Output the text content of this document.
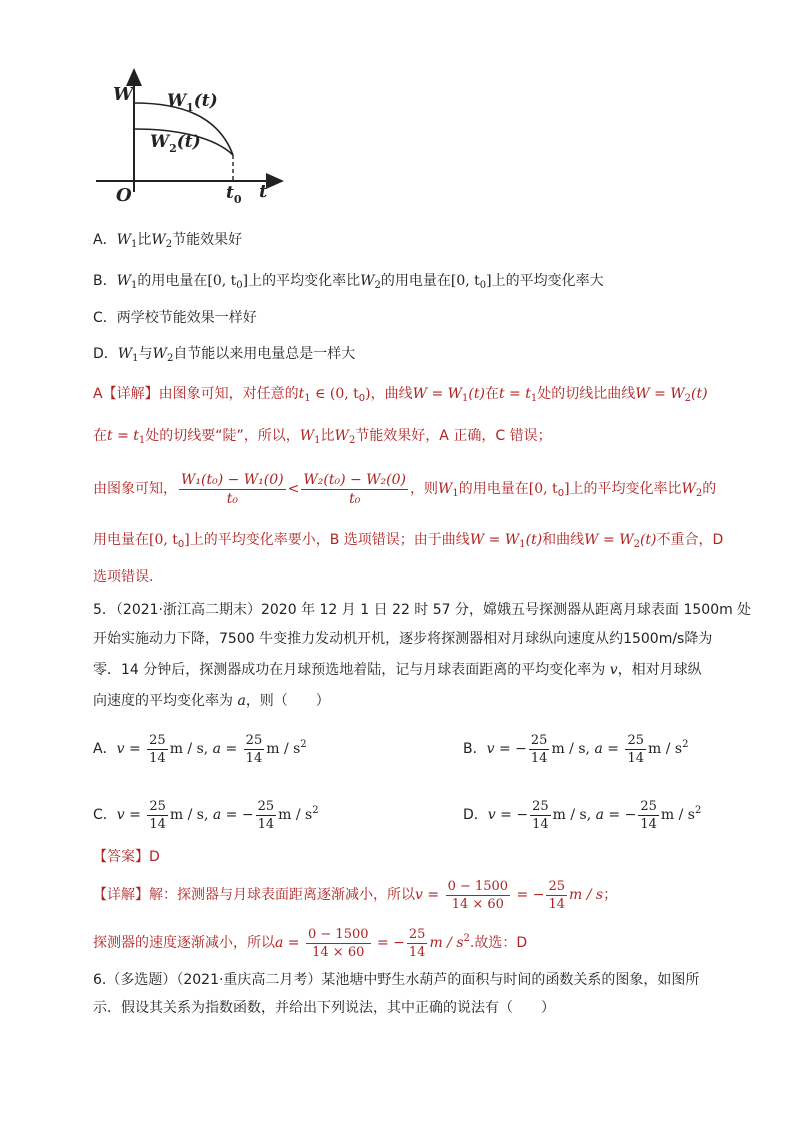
W
O	t
$t_0$
$W_1(t)$
$W_2(t)$
A．$W_1$比$W_2$节能效果好
B．$W_1$的用电量在[0, $t_0$]上的平均变化率比$W_2$的用电量在[0, $t_0$]上的平均变化率大
C．两学校节能效果一样好
D．$W_1$与$W_2$自节能以来用电量总是一样大
A【详解】由图象可知，对任意的$t_1$ ∈ (0, $t_0$)，曲线$W = W_1(t)$在$t = t_1$处的切线比曲线$W = W_2(t)$
在$t = t_1$处的切线要“陡”，所以，$W_1$比$W_2$节能效果好，A 正确，C 错误；
由图象可知， $\frac{\text{W₁(t₀) − W₁(0)}}{\text{t₀}} < \frac{\text{W₂(t₀) − W₂(0)}}{\text{t₀}}$ ，则$W_1$的用电量在[0, $t_0$]上的平均变化率比$W_2$的
用电量在[0, $t_0$]上的平均变化率要小，B 选项错误；由于曲线$W = W_1(t)$和曲线$W = W_2(t)$不重合，D
选项错误.
5．（2021·浙江高二期末）2020 年 12 月 1 日 22 时 57 分，嫦娥五号探测器从距离月球表面 1500m 处
开始实施动力下降，7500 牛变推力发动机开机，逐步将探测器相对月球纵向速度从约1500m/s降为
零．14 分钟后，探测器成功在月球预选地着陆，记与月球表面距离的平均变化率为 v，相对月球纵
向速度的平均变化率为 a，则（　　）
A．$v = \frac{25}{14}$ m / s, $a = \frac{25}{14}$ m / $s^2$	B．v = − $\frac{25}{14}$ m / s, $a = \frac{25}{14}$ m / $s^2$
C．$v = \frac{25}{14}$ m / s, a = − $\frac{25}{14}$ m / $s^2$	D．v = − $\frac{25}{14}$ m / s, a = − $\frac{25}{14}$ m / $s^2$
【答案】D
【详解】解：探测器与月球表面距离逐渐减小，所以$v = \frac{0 - 1500}{14 \times 60}$ = − $\frac{25}{14}$ m / s；
探测器的速度逐渐减小，所以$a = \frac{0 - 1500}{14 \times 60}$ = − $\frac{25}{14}$ m / $s^2$.故选：D
6.（多选题）（2021·重庆高二月考）某池塘中野生水葫芦的面积与时间的函数关系的图象，如图所
示．假设其关系为指数函数，并给出下列说法，其中正确的说法有（　　）
